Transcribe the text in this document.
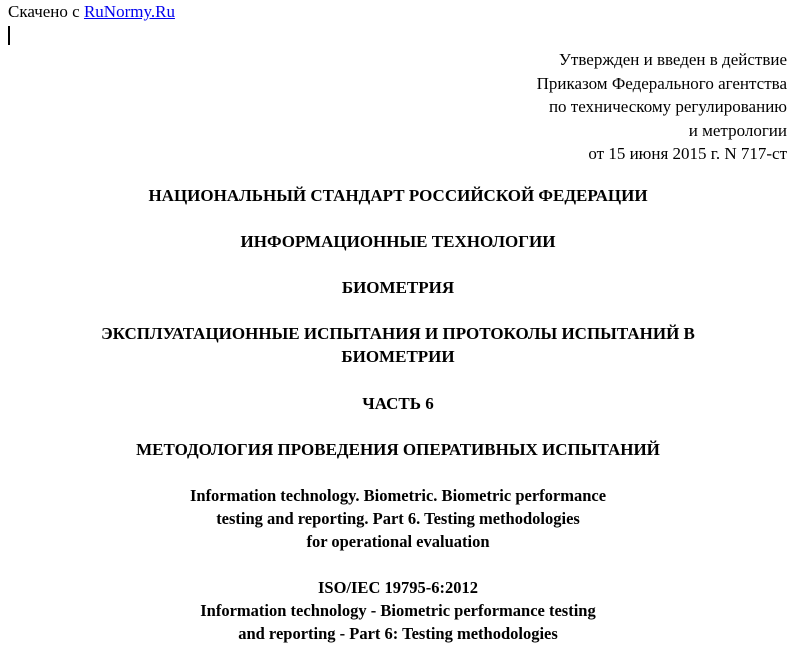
Скачено с RuNormy.Ru
Утвержден и введен в действие
Приказом Федерального агентства
по техническому регулированию
и метрологии
от 15 июня 2015 г. N 717-ст
НАЦИОНАЛЬНЫЙ СТАНДАРТ РОССИЙСКОЙ ФЕДЕРАЦИИ
ИНФОРМАЦИОННЫЕ ТЕХНОЛОГИИ
БИОМЕТРИЯ
ЭКСПЛУАТАЦИОННЫЕ ИСПЫТАНИЯ И ПРОТОКОЛЫ ИСПЫТАНИЙ В
БИОМЕТРИИ
ЧАСТЬ 6
МЕТОДОЛОГИЯ ПРОВЕДЕНИЯ ОПЕРАТИВНЫХ ИСПЫТАНИЙ
Information technology. Biometric. Biometric performance
testing and reporting. Part 6. Testing methodologies
for operational evaluation
ISO/IEC 19795-6:2012
Information technology - Biometric performance testing
and reporting - Part 6: Testing methodologies
